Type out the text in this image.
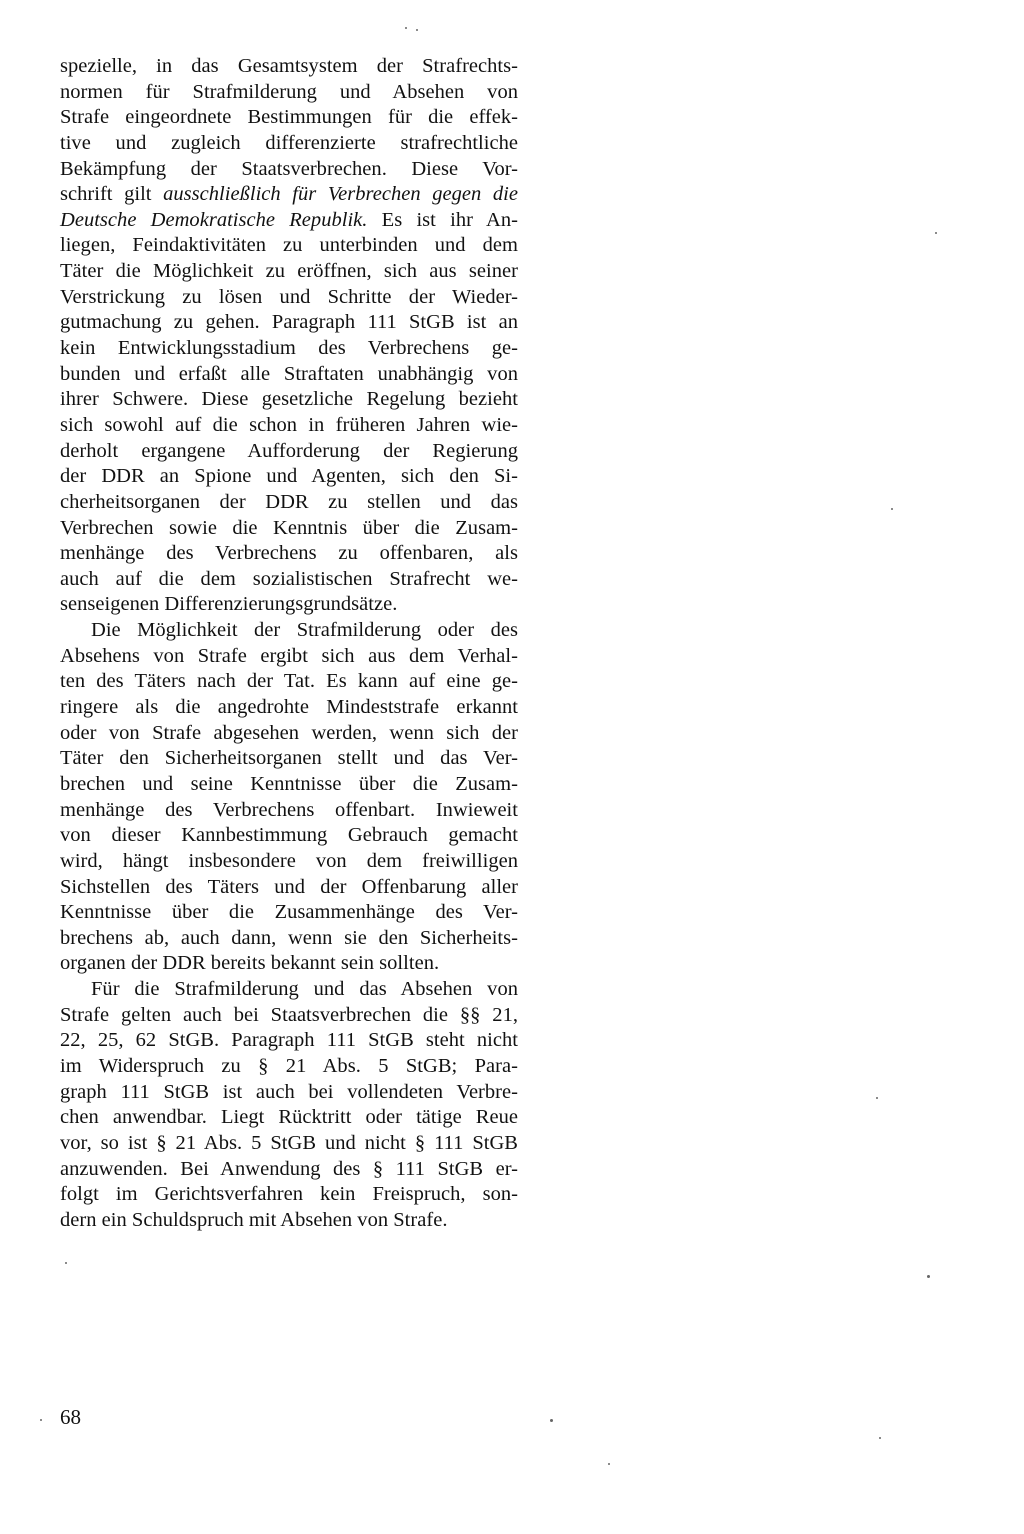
spezielle, in das Gesamtsystem der Strafrechts-
normen für Strafmilderung und Absehen von
Strafe eingeordnete Bestimmungen für die effek-
tive und zugleich differenzierte strafrechtliche
Bekämpfung der Staatsverbrechen. Diese Vor-
schrift gilt ausschließlich für Verbrechen gegen die
Deutsche Demokratische Republik. Es ist ihr An-
liegen, Feindaktivitäten zu unterbinden und dem
Täter die Möglichkeit zu eröffnen, sich aus seiner
Verstrickung zu lösen und Schritte der Wieder-
gutmachung zu gehen. Paragraph 111 StGB ist an
kein Entwicklungsstadium des Verbrechens ge-
bunden und erfaßt alle Straftaten unabhängig von
ihrer Schwere. Diese gesetzliche Regelung bezieht
sich sowohl auf die schon in früheren Jahren wie-
derholt ergangene Aufforderung der Regierung
der DDR an Spione und Agenten, sich den Si-
cherheitsorganen der DDR zu stellen und das
Verbrechen sowie die Kenntnis über die Zusam-
menhänge des Verbrechens zu offenbaren, als
auch auf die dem sozialistischen Strafrecht we-
senseigenen Differenzierungsgrundsätze.
Die Möglichkeit der Strafmilderung oder des
Absehens von Strafe ergibt sich aus dem Verhal-
ten des Täters nach der Tat. Es kann auf eine ge-
ringere als die angedrohte Mindeststrafe erkannt
oder von Strafe abgesehen werden, wenn sich der
Täter den Sicherheitsorganen stellt und das Ver-
brechen und seine Kenntnisse über die Zusam-
menhänge des Verbrechens offenbart. Inwieweit
von dieser Kannbestimmung Gebrauch gemacht
wird, hängt insbesondere von dem freiwilligen
Sichstellen des Täters und der Offenbarung aller
Kenntnisse über die Zusammenhänge des Ver-
brechens ab, auch dann, wenn sie den Sicherheits-
organen der DDR bereits bekannt sein sollten.
Für die Strafmilderung und das Absehen von
Strafe gelten auch bei Staatsverbrechen die §§ 21,
22, 25, 62 StGB. Paragraph 111 StGB steht nicht
im Widerspruch zu § 21 Abs. 5 StGB; Para-
graph 111 StGB ist auch bei vollendeten Verbre-
chen anwendbar. Liegt Rücktritt oder tätige Reue
vor, so ist § 21 Abs. 5 StGB und nicht § 111 StGB
anzuwenden. Bei Anwendung des § 111 StGB er-
folgt im Gerichtsverfahren kein Freispruch, son-
dern ein Schuldspruch mit Absehen von Strafe.
68
